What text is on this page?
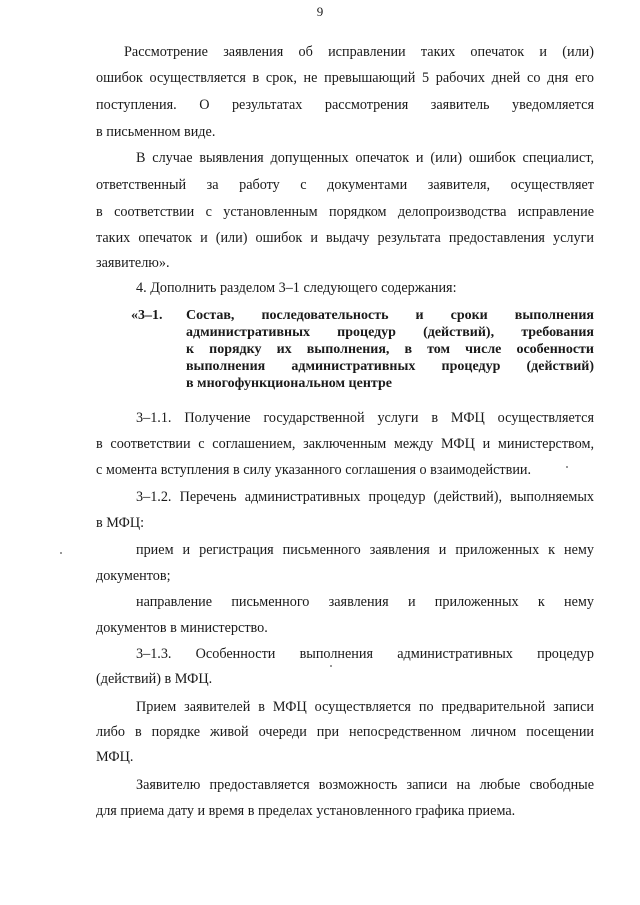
9

Рассмотрение заявления об исправлении таких опечаток и (или)

ошибок осуществляется в срок, не превышающий 5 рабочих дней со дня его

поступления. О результатах рассмотрения заявитель уведомляется

в письменном виде.

В случае выявления допущенных опечаток и (или) ошибок специалист,

ответственный за работу с документами заявителя, осуществляет

в соответствии с установленным порядком делопроизводства исправление

таких опечаток и (или) ошибок и выдачу результата предоставления услуги

заявителю».

4. Дополнить разделом 3–1 следующего содержания:

«3–1. Состав, последовательность и сроки выполнения

административных процедур (действий), требования

к порядку их выполнения, в том числе особенности

выполнения административных процедур (действий)

в многофункциональном центре

3–1.1. Получение государственной услуги в МФЦ осуществляется

в соответствии с соглашением, заключенным между МФЦ и министерством,

с момента вступления в силу указанного соглашения о взаимодействии.

3–1.2. Перечень административных процедур (действий), выполняемых

в МФЦ:

прием и регистрация письменного заявления и приложенных к нему

документов;

направление письменного заявления и приложенных к нему

документов в министерство.

3–1.3. Особенности выполнения административных процедур

(действий) в МФЦ.

Прием заявителей в МФЦ осуществляется по предварительной записи

либо в порядке живой очереди при непосредственном личном посещении

МФЦ.

Заявителю предоставляется возможность записи на любые свободные

для приема дату и время в пределах установленного графика приема.
